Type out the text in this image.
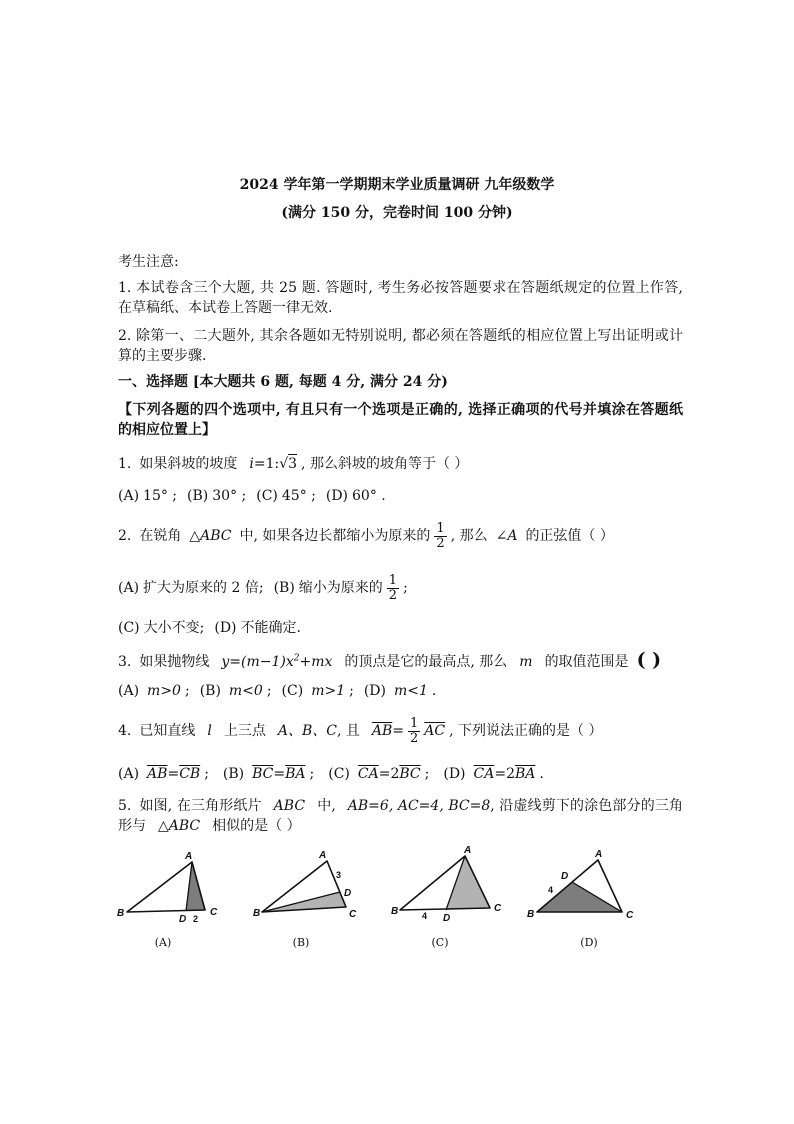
2024 学年第一学期期末学业质量调研 九年级数学
(满分 150 分，完卷时间 100 分钟)
考生注意:
1. 本试卷含三个大题, 共 25 题. 答题时, 考生务必按答题要求在答题纸规定的位置上作答, 在草稿纸、本试卷上答题一律无效.
2. 除第一、二大题外, 其余各题如无特别说明, 都必须在答题纸的相应位置上写出证明或计算的主要步骤.
一、选择题 [本大题共 6 题, 每题 4 分, 满分 24 分)
【下列各题的四个选项中, 有且只有一个选项是正确的, 选择正确项的代号并填涂在答题纸的相应位置上】
1. 如果斜坡的坡度 i=1:√3 , 那么斜坡的坡角等于（ ）
(A) 15° ; (B) 30° ; (C) 45° ; (D) 60° .
2. 在锐角 △ABC 中, 如果各边长都缩小为原来的 $\frac{1}{2}$ , 那么 ∠A 的正弦值（ ）
(A) 扩大为原来的 2 倍; (B) 缩小为原来的 $\frac{1}{2}$ ;
(C) 大小不变; (D) 不能确定.
3. 如果抛物线 $y=(m-1)x^2+mx$ 的顶点是它的最高点, 那么 m 的取值范围是 ( )
(A) m>0 ; (B) m<0 ; (C) m>1 ; (D) m<1 .
4. 已知直线 l 上三点 A、B、C, 且 $\overline{AB}= \frac{1}{2} \overline{AC}$ , 下列说法正确的是（ ）
(A) $\overline{AB}=\overline{CB}$ ; (B) $\overline{BC}=\overline{BA}$ ; (C) $\overline{CA}=2\overline{BC}$ ; (D) $\overline{CA}=2\overline{BA}$ .
5. 如图, 在三角形纸片 ABC 中, AB=6, AC=4, BC=8, 沿虚线剪下的涂色部分的三角形与 △ABC 相似的是（ ）
A
B
D 2
C
(A)
A
3
D
C
B
(B)
A
B	4 D
C
(C)
A
D
4
B	C
(D)
